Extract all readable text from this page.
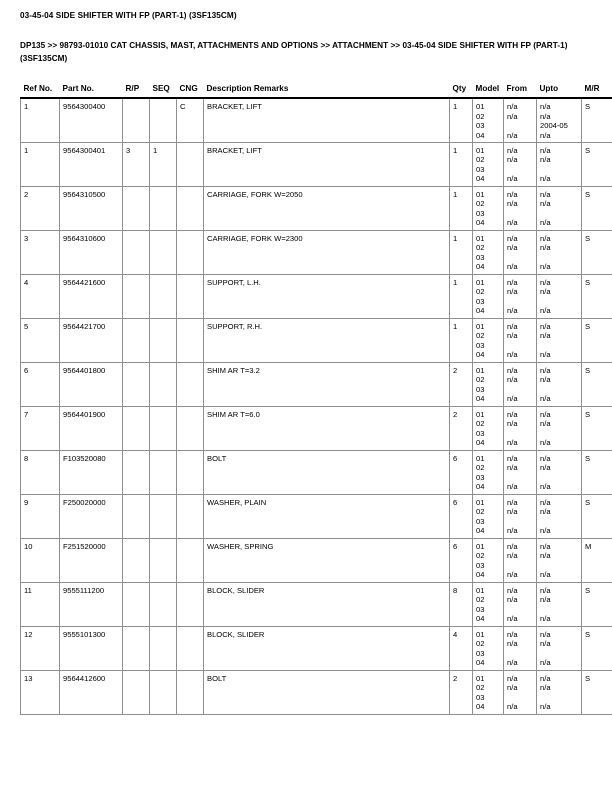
03-45-04 SIDE SHIFTER WITH FP (PART-1) (3SF135CM)
DP135 >> 98793-01010 CAT CHASSIS, MAST, ATTACHMENTS AND OPTIONS >> ATTACHMENT >> 03-45-04 SIDE SHIFTER WITH FP (PART-1) (3SF135CM)
Ref No.	Part No.	R/P	SEQ	CNG	Description Remarks	Qty	Model	From	Upto	M/R
1	9564300400			C	BRACKET, LIFT	1	01
02
03
04	n/a
n/a
n/a	n/a
n/a
2004-05
n/a	S
1	9564300401	3	1		BRACKET, LIFT	1	01
02
03
04	n/a
n/a
n/a	n/a
n/a
n/a	S
2	9564310500				CARRIAGE, FORK W=2050	1	01
02
03
04	n/a
n/a
n/a	n/a
n/a
n/a	S
3	9564310600				CARRIAGE, FORK W=2300	1	01
02
03
04	n/a
n/a
n/a	n/a
n/a
n/a	S
4	9564421600				SUPPORT, L.H.	1	01
02
03
04	n/a
n/a
n/a	n/a
n/a
n/a	S
5	9564421700				SUPPORT, R.H.	1	01
02
03
04	n/a
n/a
n/a	n/a
n/a
n/a	S
6	9564401800				SHIM AR T=3.2	2	01
02
03
04	n/a
n/a
n/a	n/a
n/a
n/a	S
7	9564401900				SHIM AR T=6.0	2	01
02
03
04	n/a
n/a
n/a	n/a
n/a
n/a	S
8	F103520080				BOLT	6	01
02
03
04	n/a
n/a
n/a	n/a
n/a
n/a	S
9	F250020000				WASHER, PLAIN	6	01
02
03
04	n/a
n/a
n/a	n/a
n/a
n/a	S
10	F251520000				WASHER, SPRING	6	01
02
03
04	n/a
n/a
n/a	n/a
n/a
n/a	M
11	9555111200				BLOCK, SLIDER	8	01
02
03
04	n/a
n/a
n/a	n/a
n/a
n/a	S
12	9555101300				BLOCK, SLIDER	4	01
02
03
04	n/a
n/a
n/a	n/a
n/a
n/a	S
13	9564412600				BOLT	2	01
02
03
04	n/a
n/a
n/a	n/a
n/a
n/a	S
